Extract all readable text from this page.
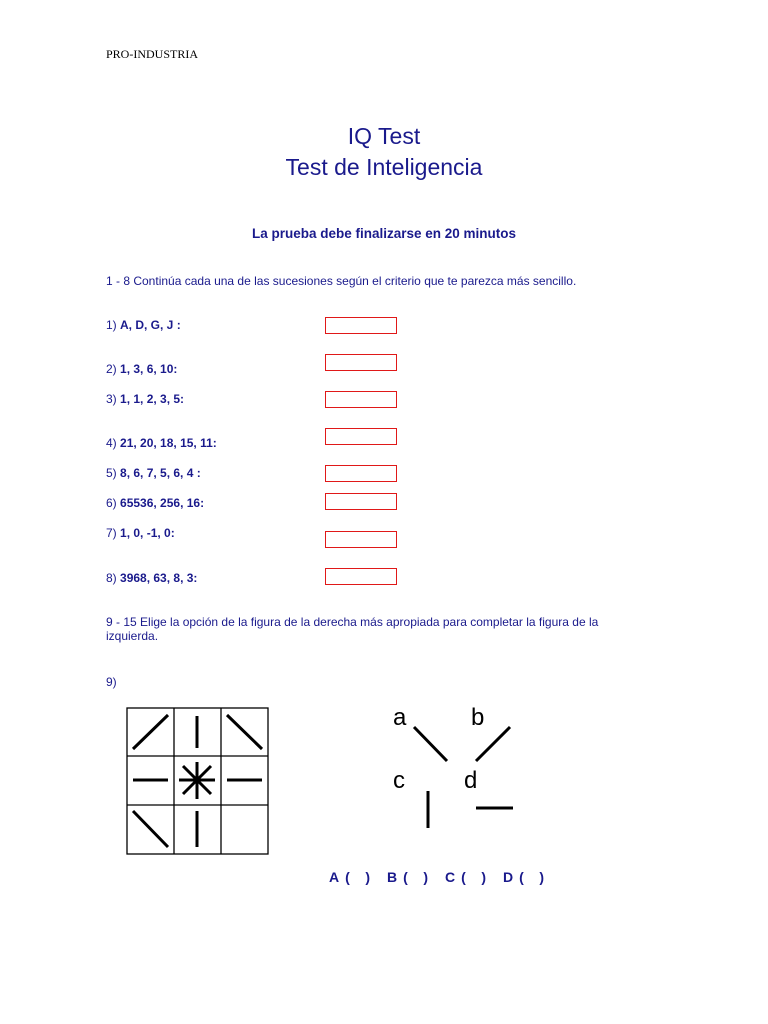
PRO-INDUSTRIA
IQ Test
Test de Inteligencia
La prueba debe finalizarse en 20 minutos
1 - 8 Continúa cada una de las sucesiones según el criterio que te parezca más sencillo.
1) A, D, G, J :
2) 1, 3, 6, 10:
3) 1, 1, 2, 3, 5:
4) 21, 20, 18, 15, 11:
5) 8, 6, 7, 5, 6, 4 :
6) 65536, 256, 16:
7) 1, 0, -1, 0:
8) 3968, 63, 8, 3:
9 - 15 Elige la opción de la figura de la derecha más apropiada para completar la figura de la izquierda.
9)
a	b
c d
A (    ) B (    ) C (    ) D (    )
